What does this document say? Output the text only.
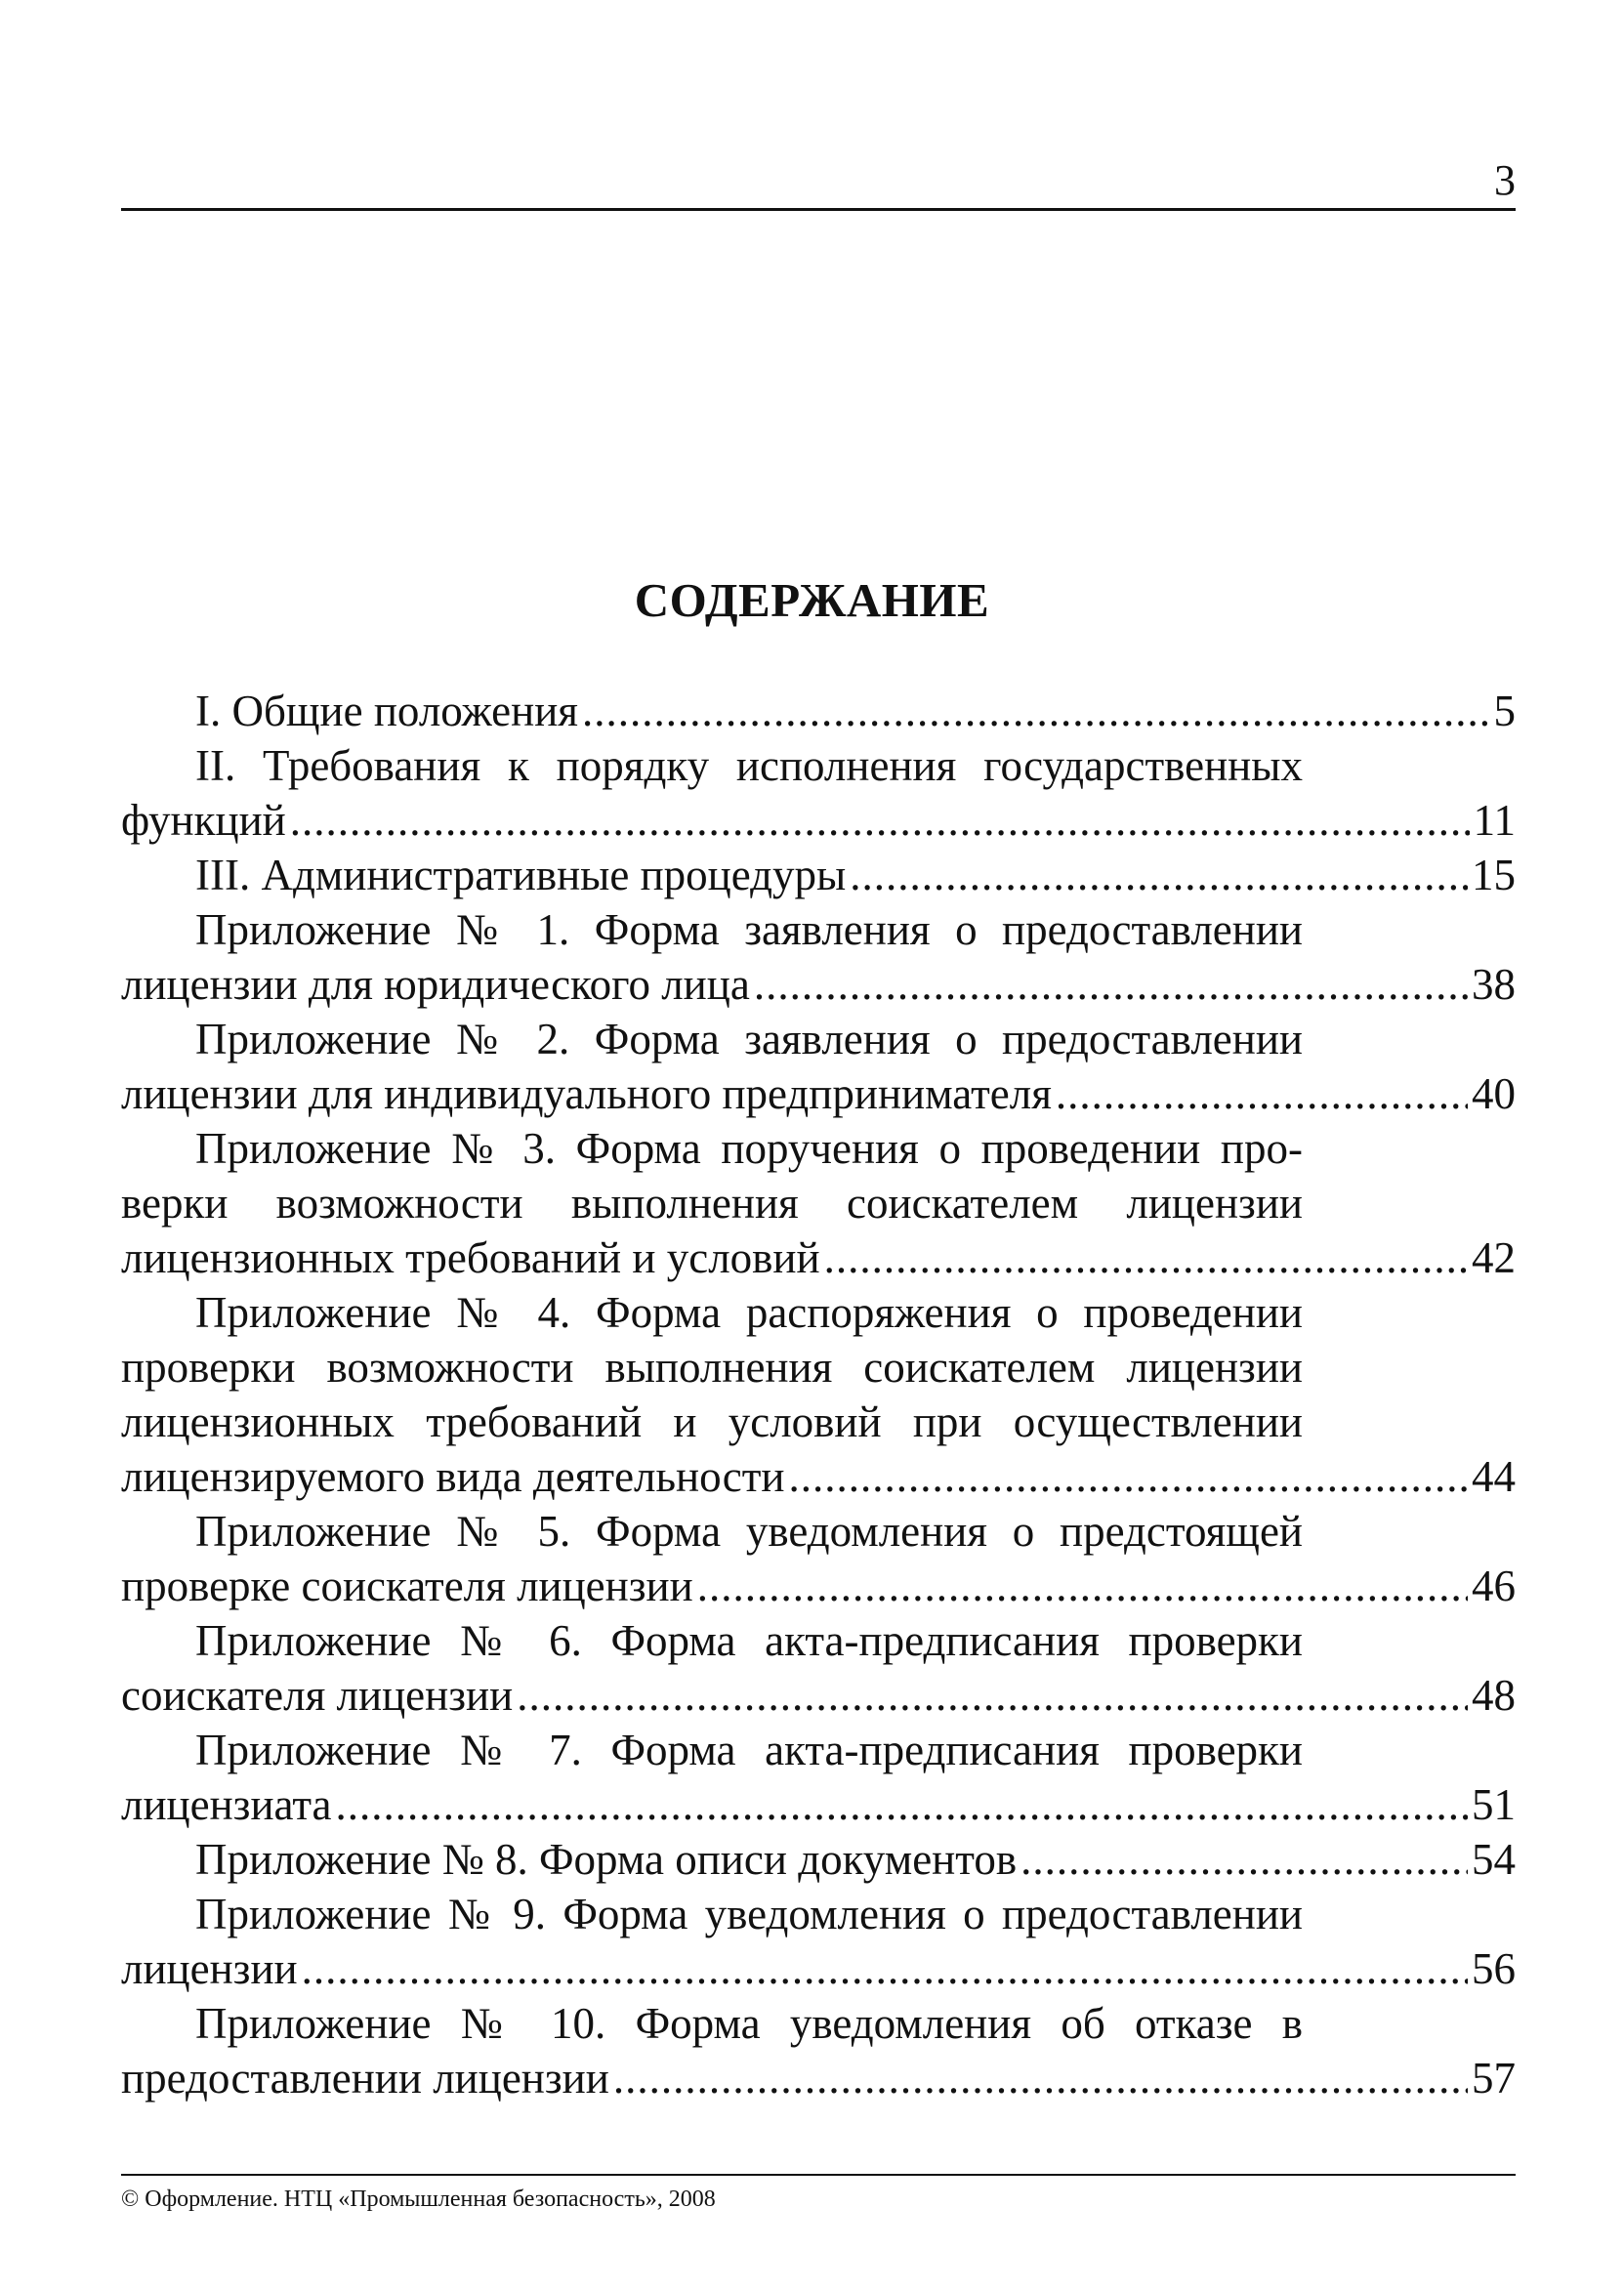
3
СОДЕРЖАНИЕ
I. Общие положения .....	5
II. Требования к порядку исполнения государственных
функций .....	11
III. Административные процедуры .....	15
Приложение № 1. Форма заявления о предоставлении
лицензии для юридического лица .....	38
Приложение № 2. Форма заявления о предоставлении
лицензии для индивидуального предпринимателя .....	40
Приложение № 3. Форма поручения о проведении про-
верки возможности выполнения соискателем лицензии
лицензионных требований и условий .....	42
Приложение № 4. Форма распоряжения о проведении
проверки возможности выполнения соискателем лицензии
лицензионных требований и условий при осуществлении
лицензируемого вида деятельности .....	44
Приложение № 5. Форма уведомления о предстоящей
проверке соискателя лицензии .....	46
Приложение № 6. Форма акта-предписания проверки
соискателя лицензии .....	48
Приложение № 7. Форма акта-предписания проверки
лицензиата .....	51
Приложение № 8. Форма описи документов .....	54
Приложение № 9. Форма уведомления о предоставлении
лицензии .....	56
Приложение № 10. Форма уведомления об отказе в
предоставлении лицензии .....	57
© Оформление. НТЦ «Промышленная безопасность», 2008
